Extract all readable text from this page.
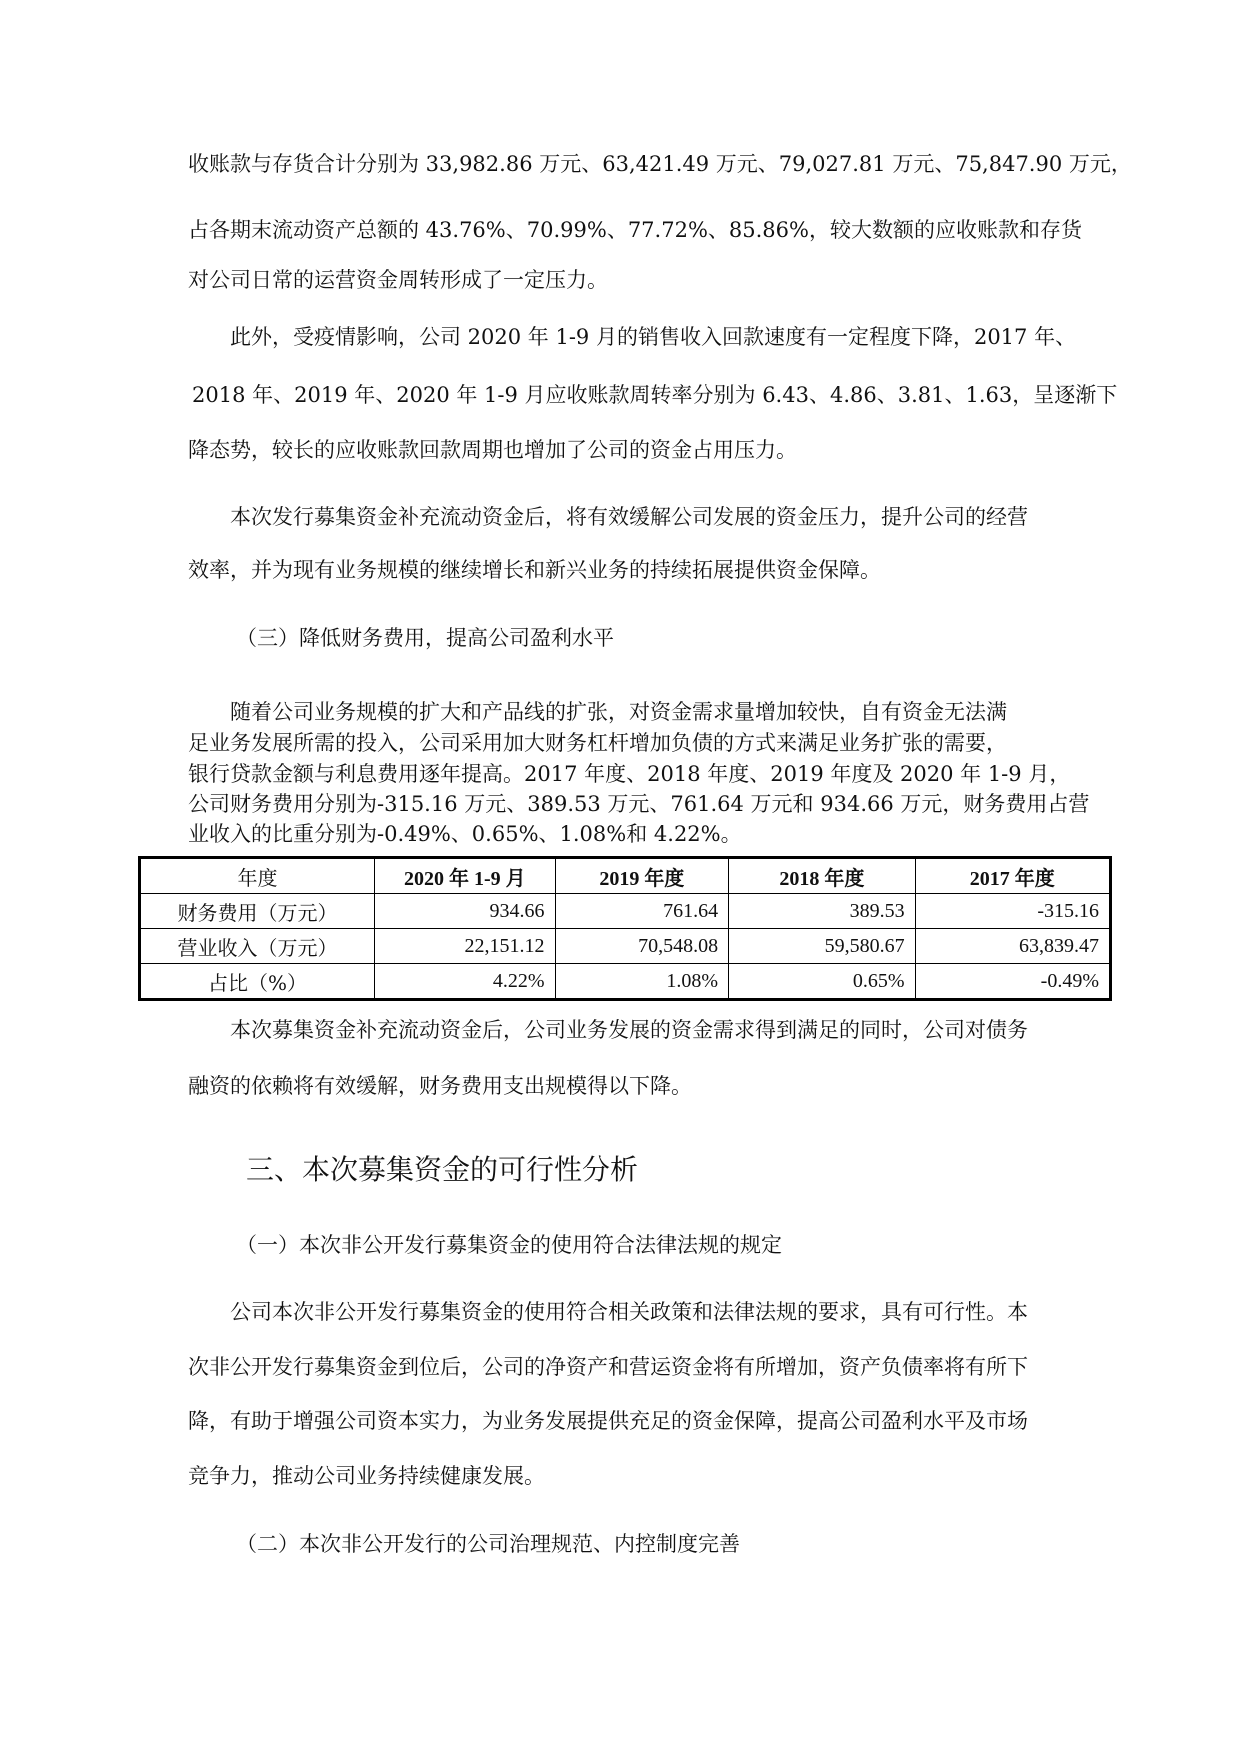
收账款与存货合计分别为 33,982.86 万元、63,421.49 万元、79,027.81 万元、75,847.90 万元，
占各期末流动资产总额的 43.76%、70.99%、77.72%、85.86%，较大数额的应收账款和存货
对公司日常的运营资金周转形成了一定压力。
此外，受疫情影响，公司 2020 年 1-9 月的销售收入回款速度有一定程度下降，2017 年、
2018 年、2019 年、2020 年 1-9 月应收账款周转率分别为 6.43、4.86、3.81、1.63，呈逐渐下
降态势，较长的应收账款回款周期也增加了公司的资金占用压力。
本次发行募集资金补充流动资金后，将有效缓解公司发展的资金压力，提升公司的经营
效率，并为现有业务规模的继续增长和新兴业务的持续拓展提供资金保障。
（三）降低财务费用，提高公司盈利水平
随着公司业务规模的扩大和产品线的扩张，对资金需求量增加较快，自有资金无法满
足业务发展所需的投入，公司采用加大财务杠杆增加负债的方式来满足业务扩张的需要，
银行贷款金额与利息费用逐年提高。2017 年度、2018 年度、2019 年度及 2020 年 1-9 月，
公司财务费用分别为-315.16 万元、389.53 万元、761.64 万元和 934.66 万元，财务费用占营
业收入的比重分别为-0.49%、0.65%、1.08%和 4.22%。
年度	2020 年 1-9 月	2019 年度	2018 年度	2017 年度
财务费用（万元）	934.66	761.64	389.53	-315.16
营业收入（万元）	22,151.12	70,548.08	59,580.67	63,839.47
占比（%）	4.22%	1.08%	0.65%	-0.49%
本次募集资金补充流动资金后，公司业务发展的资金需求得到满足的同时，公司对债务
融资的依赖将有效缓解，财务费用支出规模得以下降。
三、本次募集资金的可行性分析
（一）本次非公开发行募集资金的使用符合法律法规的规定
公司本次非公开发行募集资金的使用符合相关政策和法律法规的要求，具有可行性。本
次非公开发行募集资金到位后，公司的净资产和营运资金将有所增加，资产负债率将有所下
降，有助于增强公司资本实力，为业务发展提供充足的资金保障，提高公司盈利水平及市场
竞争力，推动公司业务持续健康发展。
（二）本次非公开发行的公司治理规范、内控制度完善
